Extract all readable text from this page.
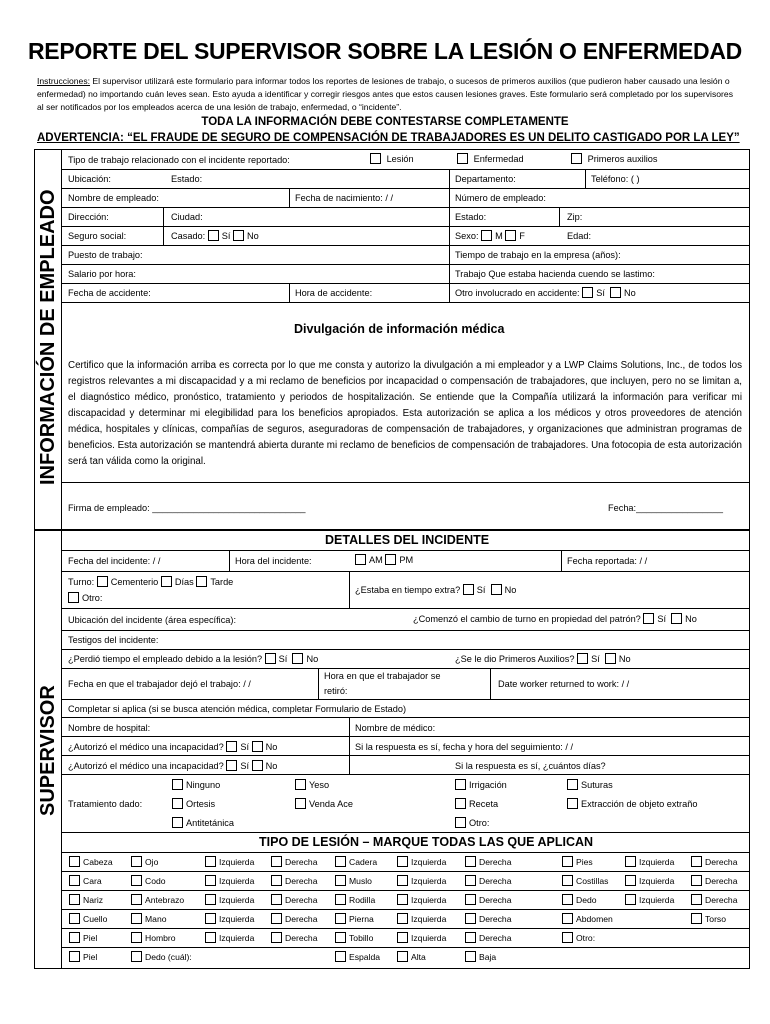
REPORTE DEL SUPERVISOR SOBRE LA LESIÓN O ENFERMEDAD
Instrucciones: El supervisor utilizará este formulario para informar todos los reportes de lesiones de trabajo, o sucesos de primeros auxilios (que pudieron haber causado una lesión o enfermedad) no importando cuán leves sean. Esto ayuda a identificar y corregir riesgos antes que estos causen lesiones graves. Este formulario será completado por los supervisores al ser notificados por los empleados acerca de una lesión de trabajo, enfermedad, o “incidente”.
TODA LA INFORMACIÓN DEBE CONTESTARSE COMPLETAMENTE
ADVERTENCIA: “EL FRAUDE DE SEGURO DE COMPENSACIÓN DE TRABAJADORES ES UN DELITO CASTIGADO POR LA LEY”
INFORMACIÓN DE EMPLEADO
Tipo de trabajo relacionado con el incidente reportado:	Lesión	Enfermedad	Primeros auxilios
Ubicación:	Estado:	Departamento:	Teléfono: ( )
Nombre de empleado:	Fecha de nacimiento: / /	Número de empleado:
Dirección:	Ciudad:	Estado:	Zip:
Seguro social:	Casado: Sí No	Sexo: M F	Edad:
Puesto de trabajo:	Tiempo de trabajo en la empresa (años):
Salario por hora:	Trabajo Que estaba hacienda cuendo se lastimo:
Fecha de accidente:	Hora de accidente:	Otro involucrado en accidente: Sí No
Divulgación de información médica
Certifico que la información arriba es correcta por lo que me consta y autorizo la divulgación a mi empleador y a LWP Claims Solutions, Inc., de todos los registros relevantes a mi discapacidad y a mi reclamo de beneficios por incapacidad o compensación de trabajadores, que incluyen, pero no se limitan a, el diagnóstico médico, pronóstico, tratamiento y periodos de hospitalización. Se entiende que la Compañía utilizará la información para verificar mi discapacidad y determinar mi elegibilidad para los beneficios apropiados. Esta autorización se aplica a los médicos y otros proveedores de atención médica, hospitales y clínicas, compañías de seguros, aseguradoras de compensación de trabajadores, y organizaciones que administran programas de beneficios. Esta autorización se mantendrá abierta durante mi reclamo de beneficios de compensación de trabajadores. Una fotocopia de esta autorización será tan válida como la original.
Firma de empleado: ______________________________	Fecha:_________________
SUPERVISOR
DETALLES DEL INCIDENTE
Fecha del incidente: / /	Hora del incidente:	AM PM	Fecha reportada: / /
Turno: Cementerio Días Tarde
Otro:
¿Estaba en tiempo extra? Sí No
Ubicación del incidente (área específica):	¿Comenzó el cambio de turno en propiedad del patrón? Sí No
Testigos del incidente:
¿Perdió tiempo el empleado debido a la lesión? Sí No	¿Se le dio Primeros Auxilios? Sí No
Fecha en que el trabajador dejó el trabajo: / /
Hora en que el trabajador se
retiró:
Date worker returned to work: / /
Completar si aplica (si se busca atención médica, completar Formulario de Estado)
Nombre de hospital:	Nombre de médico:
¿Autorizó el médico una incapacidad? Sí No	Si la respuesta es sí, fecha y hora del seguimiento: / /
¿Autorizó el médico una incapacidad? Sí No	Si la respuesta es sí, ¿cuántos días?
Tratamiento dado:
Ninguno	Yeso	Irrigación	Suturas
Ortesis	Venda Ace	Receta	Extracción de objeto extraño
Antitetánica	Otro:
TIPO DE LESIÓN – MARQUE TODAS LAS QUE APLICAN
Cabeza	Ojo	Izquierda	Derecha	Cadera	Izquierda	Derecha	Pies	Izquierda	Derecha
Cara	Codo	Izquierda	Derecha	Muslo	Izquierda	Derecha	Costillas	Izquierda	Derecha
Nariz	Antebrazo	Izquierda	Derecha	Rodilla	Izquierda	Derecha	Dedo	Izquierda	Derecha
Cuello	Mano	Izquierda	Derecha	Pierna	Izquierda	Derecha	Abdomen	Torso
Piel	Hombro	Izquierda	Derecha	Tobillo	Izquierda	Derecha	Otro:
Piel	Dedo (cuál):	Espalda	Alta	Baja
